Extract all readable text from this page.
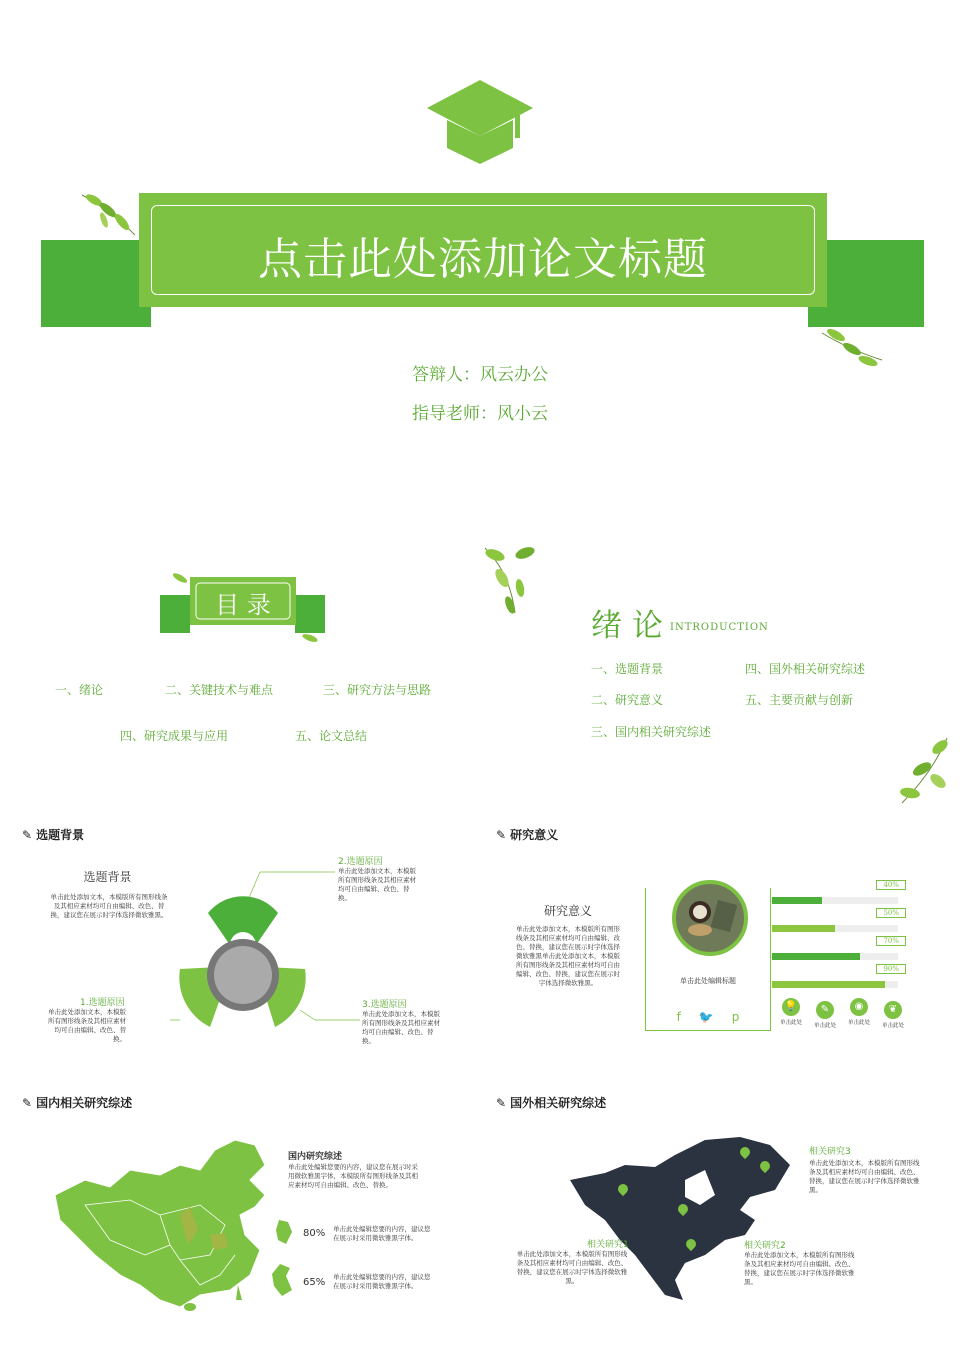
点击此处添加论文标题
答辩人：风云办公
指导老师：风小云
目 录
一、绪论	二、关键技术与难点	三、研究方法与思路
四、研究成果与应用	五、论文总结
绪 论 INTRODUCTION
一、选题背景	四、国外相关研究综述
二、研究意义	五、主要贡献与创新
三、国内相关研究综述
✎ 选题背景
选题背景
单击此处添加文本，本模版所有图形线条及其相应素材均可自由编辑、改色、替换，建议您在展示时字体选择微软雅黑。
2.选题原因
单击此处添加文本，本模版所有图形线条及其相应素材均可自由编辑、改色、替换。
1.选题原因
单击此处添加文本，本模版所有图形线条及其相应素材均可自由编辑、改色、替换。
3.选题原因
单击此处添加文本，本模版所有图形线条及其相应素材均可自由编辑、改色、替换。
✎ 研究意义
研究意义
单击此处添加文本，本模版所有图形线条及其相应素材均可自由编辑、改色、替换，建议您在展示时字体选择微软雅黑单击此处添加文本，本模版所有图形线条及其相应素材均可自由编辑、改色、替换，建议您在展示时字体选择微软雅黑。	单击此处编辑标题
f 🐦 p
40%
50%
70%
90%
💡
单击此处
✎
单击此处
◉
单击此处
❦
单击此处
✎ 国内相关研究综述
国内研究综述
单击此处编辑您要的内容，建议您在展示时采用微软雅黑字体，本模版所有图形线条及其相应素材均可自由编辑、改色、替换。
80% 单击此处编辑您要的内容，建议您在展示时采用微软雅黑字体。
65% 单击此处编辑您要的内容，建议您在展示时采用微软雅黑字体。
✎ 国外相关研究综述
相关研究3
单击此处添加文本，本模版所有图形线条及其相应素材均可自由编辑、改色、替换，建议您在展示时字体选择微软雅黑。
相关研究1
单击此处添加文本，本模版所有图形线条及其相应素材均可自由编辑、改色、替换，建议您在展示时字体选择微软雅黑。
相关研究2
单击此处添加文本，本模版所有图形线条及其相应素材均可自由编辑、改色、替换，建议您在展示时字体选择微软雅黑。
